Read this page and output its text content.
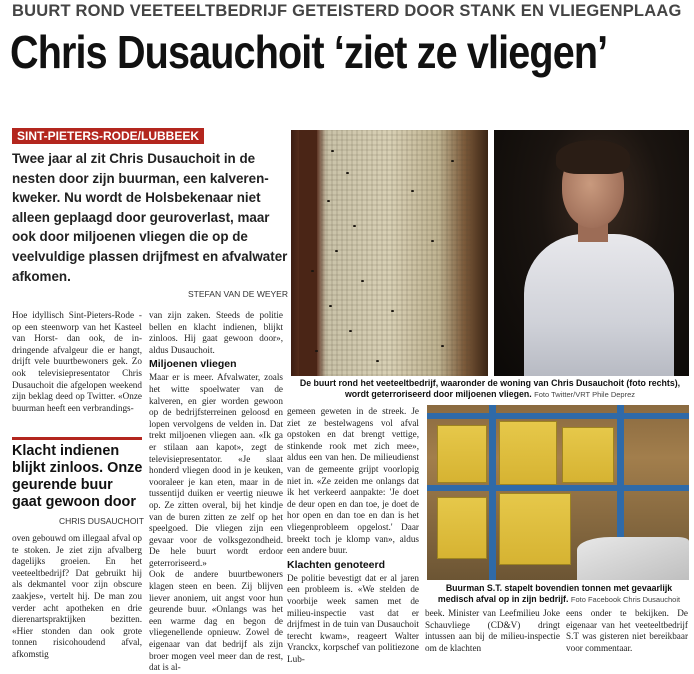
BUURT ROND VEETEELTBEDRIJF GETEISTERD DOOR STANK EN VLIEGENPLAAG
Chris Dusauchoit ‘ziet ze vliegen’
SINT-PIETERS-RODE/LUBBEEK
Twee jaar al zit Chris Dusauchoit in de nesten door zijn buurman, een kalverenkweker. Nu wordt de Holsbekenaar niet alleen geplaagd door geuroverlast, maar ook door miljoenen vliegen die op de veelvuldige plassen drijfmest en afvalwater afkomen.
STEFAN VAN DE WEYER

Hoe idyllisch Sint-Pieters-Rode -op een steenworp van het Kasteel van Horst- dan ook, de indringende afvalgeur die er hangt, drijft vele buurtbewoners gek. Zo ook televisiepresentator Chris Dusauchoit die afgelopen weekend zijn beklag deed op Twitter. «Onze buurman heeft een verbrandings-

van zijn zaken. Steeds de politie bellen en klacht indienen, blijkt zinloos. Hij gaat gewoon door», aldus Dusauchoit.
Miljoenen vliegen
Maar er is meer. Afvalwater, zoals het witte spoelwater van de kalveren, en gier worden gewoon op de bedrijfsterreinen geloosd en lopen vervolgens de velden in. Dat trekt miljoenen vliegen aan. «Ik ga er stilaan aan kapot», zegt de televisiepresentator. «Je slaat honderd vliegen dood in je keuken, vooraleer je kan eten, maar in de tussentijd duiken er veertig nieuwe op. Ze zitten overal, bij het kindje van de buren zitten ze zelf op het speelgoed. Die vliegen zijn een gevaar voor de volksgezondheid. De hele buurt wordt erdoor geterroriseerd.»
Ook de andere buurtbewoners klagen steen en been. Zij blijven liever anoniem, uit angst voor hun geurende buur. «Onlangs was het een warme dag en begon de vliegenellende opnieuw. Zowel de eigenaar van dat bedrijf als zijn broer mogen veel meer dan de rest, dat is al-
gemeen geweten in de streek. Je ziet ze bestelwagens vol afval opstoken en dat brengt vettige, stinkende rook met zich mee», aldus een van hen. De milieudienst van de gemeente grijpt voorlopig niet in. «Ze zeiden me onlangs dat ik het verkeerd aanpakte: 'Je doet de deur open en dan toe, je doet de hor open en dan toe en dan is het vliegenprobleem opgelost.' Daar breekt toch je klomp van», aldus een andere buur.
Klachten genoteerd
De politie bevestigt dat er al jaren een probleem is. «We stelden de voorbije week samen met de milieu-inspectie vast dat er drijfmest in de tuin van Dusauchoit terecht kwam», reageert Walter Vranckx, korpschef van politiezone Lub-

beek. Minister van Leefmilieu Joke Schauvliege (CD&V) dringt intussen aan bij de milieu-inspectie om de klachten

eens onder te bekijken. De eigenaar van het veeteeltbedrijf S.T was gisteren niet bereikbaar voor commentaar.

Klacht indienen blijkt zinloos. Onze geurende buur gaat gewoon door
CHRIS DUSAUCHOIT
oven gebouwd om illegaal afval op te stoken. Je ziet zijn afvalberg dagelijks groeien. En het veeteeltbedrijf? Dat gebruikt hij als dekmantel voor zijn obscure zaakjes», vertelt hij. De man zou verder acht apotheken en drie dierenartspraktijken bezitten. «Hier stonden dan ook grote tonnen risicohoudend afval, afkomstig
De buurt rond het veeteeltbedrijf, waaronder de woning van Chris Dusauchoit (foto rechts), wordt geterroriseerd door miljoenen vliegen. Foto Twitter/VRT Phile Deprez
Buurman S.T. stapelt bovendien tonnen met gevaarlijk medisch afval op in zijn bedrijf. Foto Facebook Chris Dusauchoit
